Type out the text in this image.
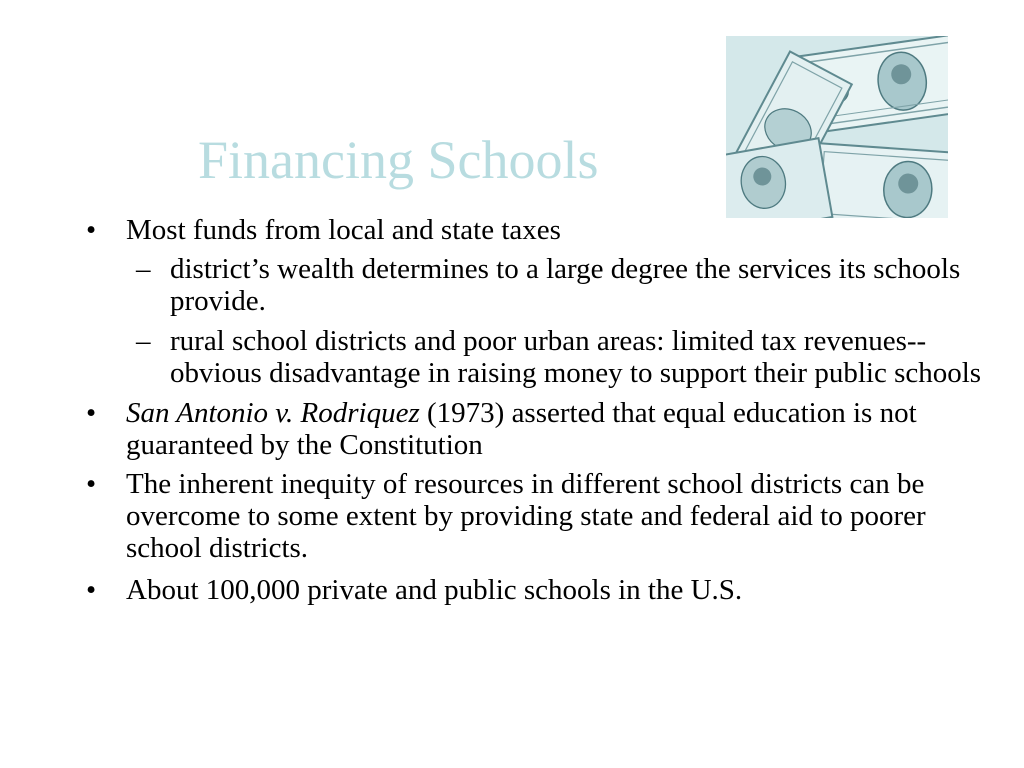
Financing Schools
•	Most funds from local and state taxes
– district’s wealth determines to a large degree the services its schools provide.
– rural school districts and poor urban areas: limited tax revenues--obvious disadvantage in raising money to support their public schools
•	San Antonio v. Rodriquez (1973) asserted that equal education is not guaranteed by the Constitution
•	The inherent inequity of resources in different school districts can be overcome to some extent by providing state and federal aid to poorer school districts.
•	About 100,000 private and public schools in the U.S.
